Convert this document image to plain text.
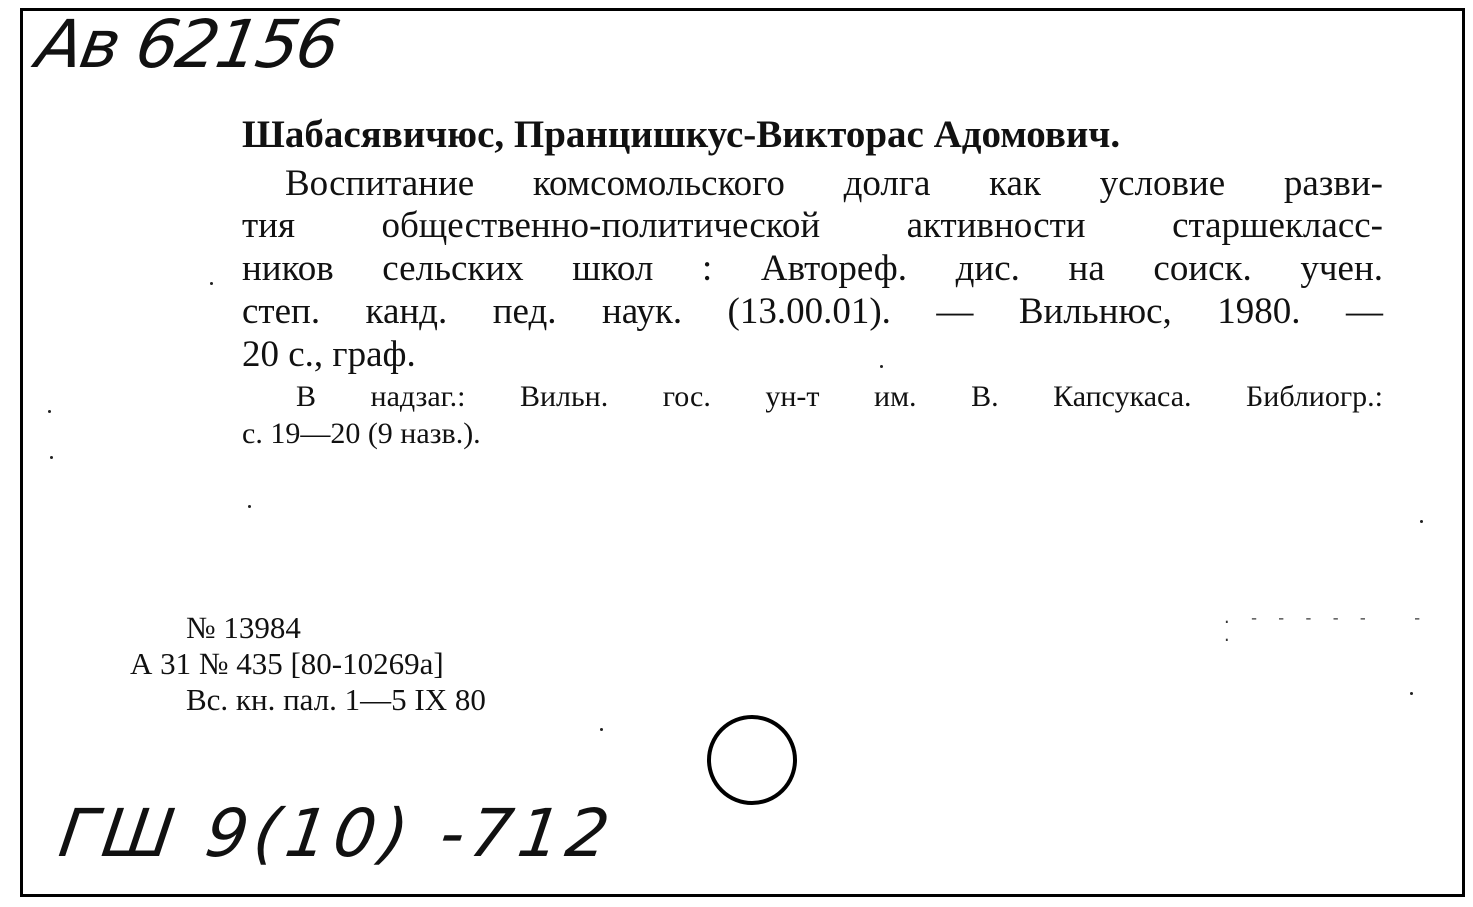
Ав 62156
Шабасявичюс, Пранцишкус-Викторас Адомович.
Воспитание комсомольского долга как условие разви-
тия общественно-политической активности старшекласс-
ников сельских школ : Автореф. дис. на соиск. учен.
степ. канд. пед. наук. (13.00.01). — Вильнюс, 1980. —
20 с., граф.
В надзаг.: Вильн. гос. ун-т им. В. Капсукаса. Библиогр.:
с. 19—20 (9 назв.).
№ 13984
А 31 № 435 [80-10269а]
Вс. кн. пал. 1—5 IX 80
ГШ 9(10) -712
. - - - - -   -   .
